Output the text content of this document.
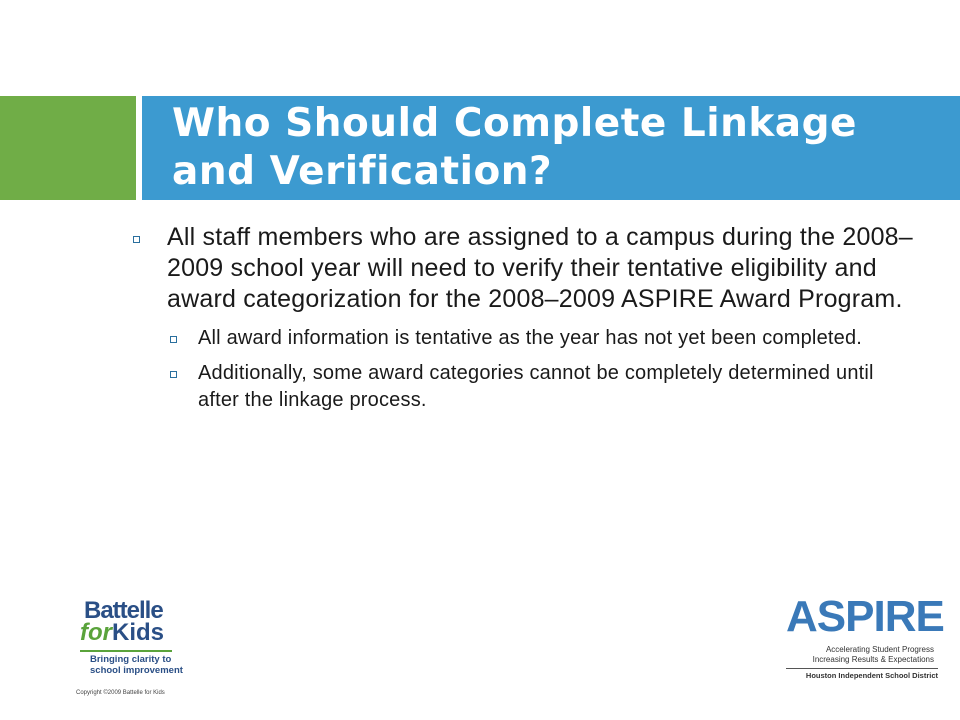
Who Should Complete Linkage and Verification?
All staff members who are assigned to a campus during the 2008–2009 school year will need to verify their tentative eligibility and award categorization for the 2008–2009 ASPIRE Award Program.
All award information is tentative as the year has not yet been completed.
Additionally, some award categories cannot be completely determined until after the linkage process.
Battelle
forKids
Bringing clarity to
school improvement
Copyright ©2009 Battelle for Kids
ASPIRE
Accelerating Student Progress
Increasing Results & Expectations
Houston Independent School District
